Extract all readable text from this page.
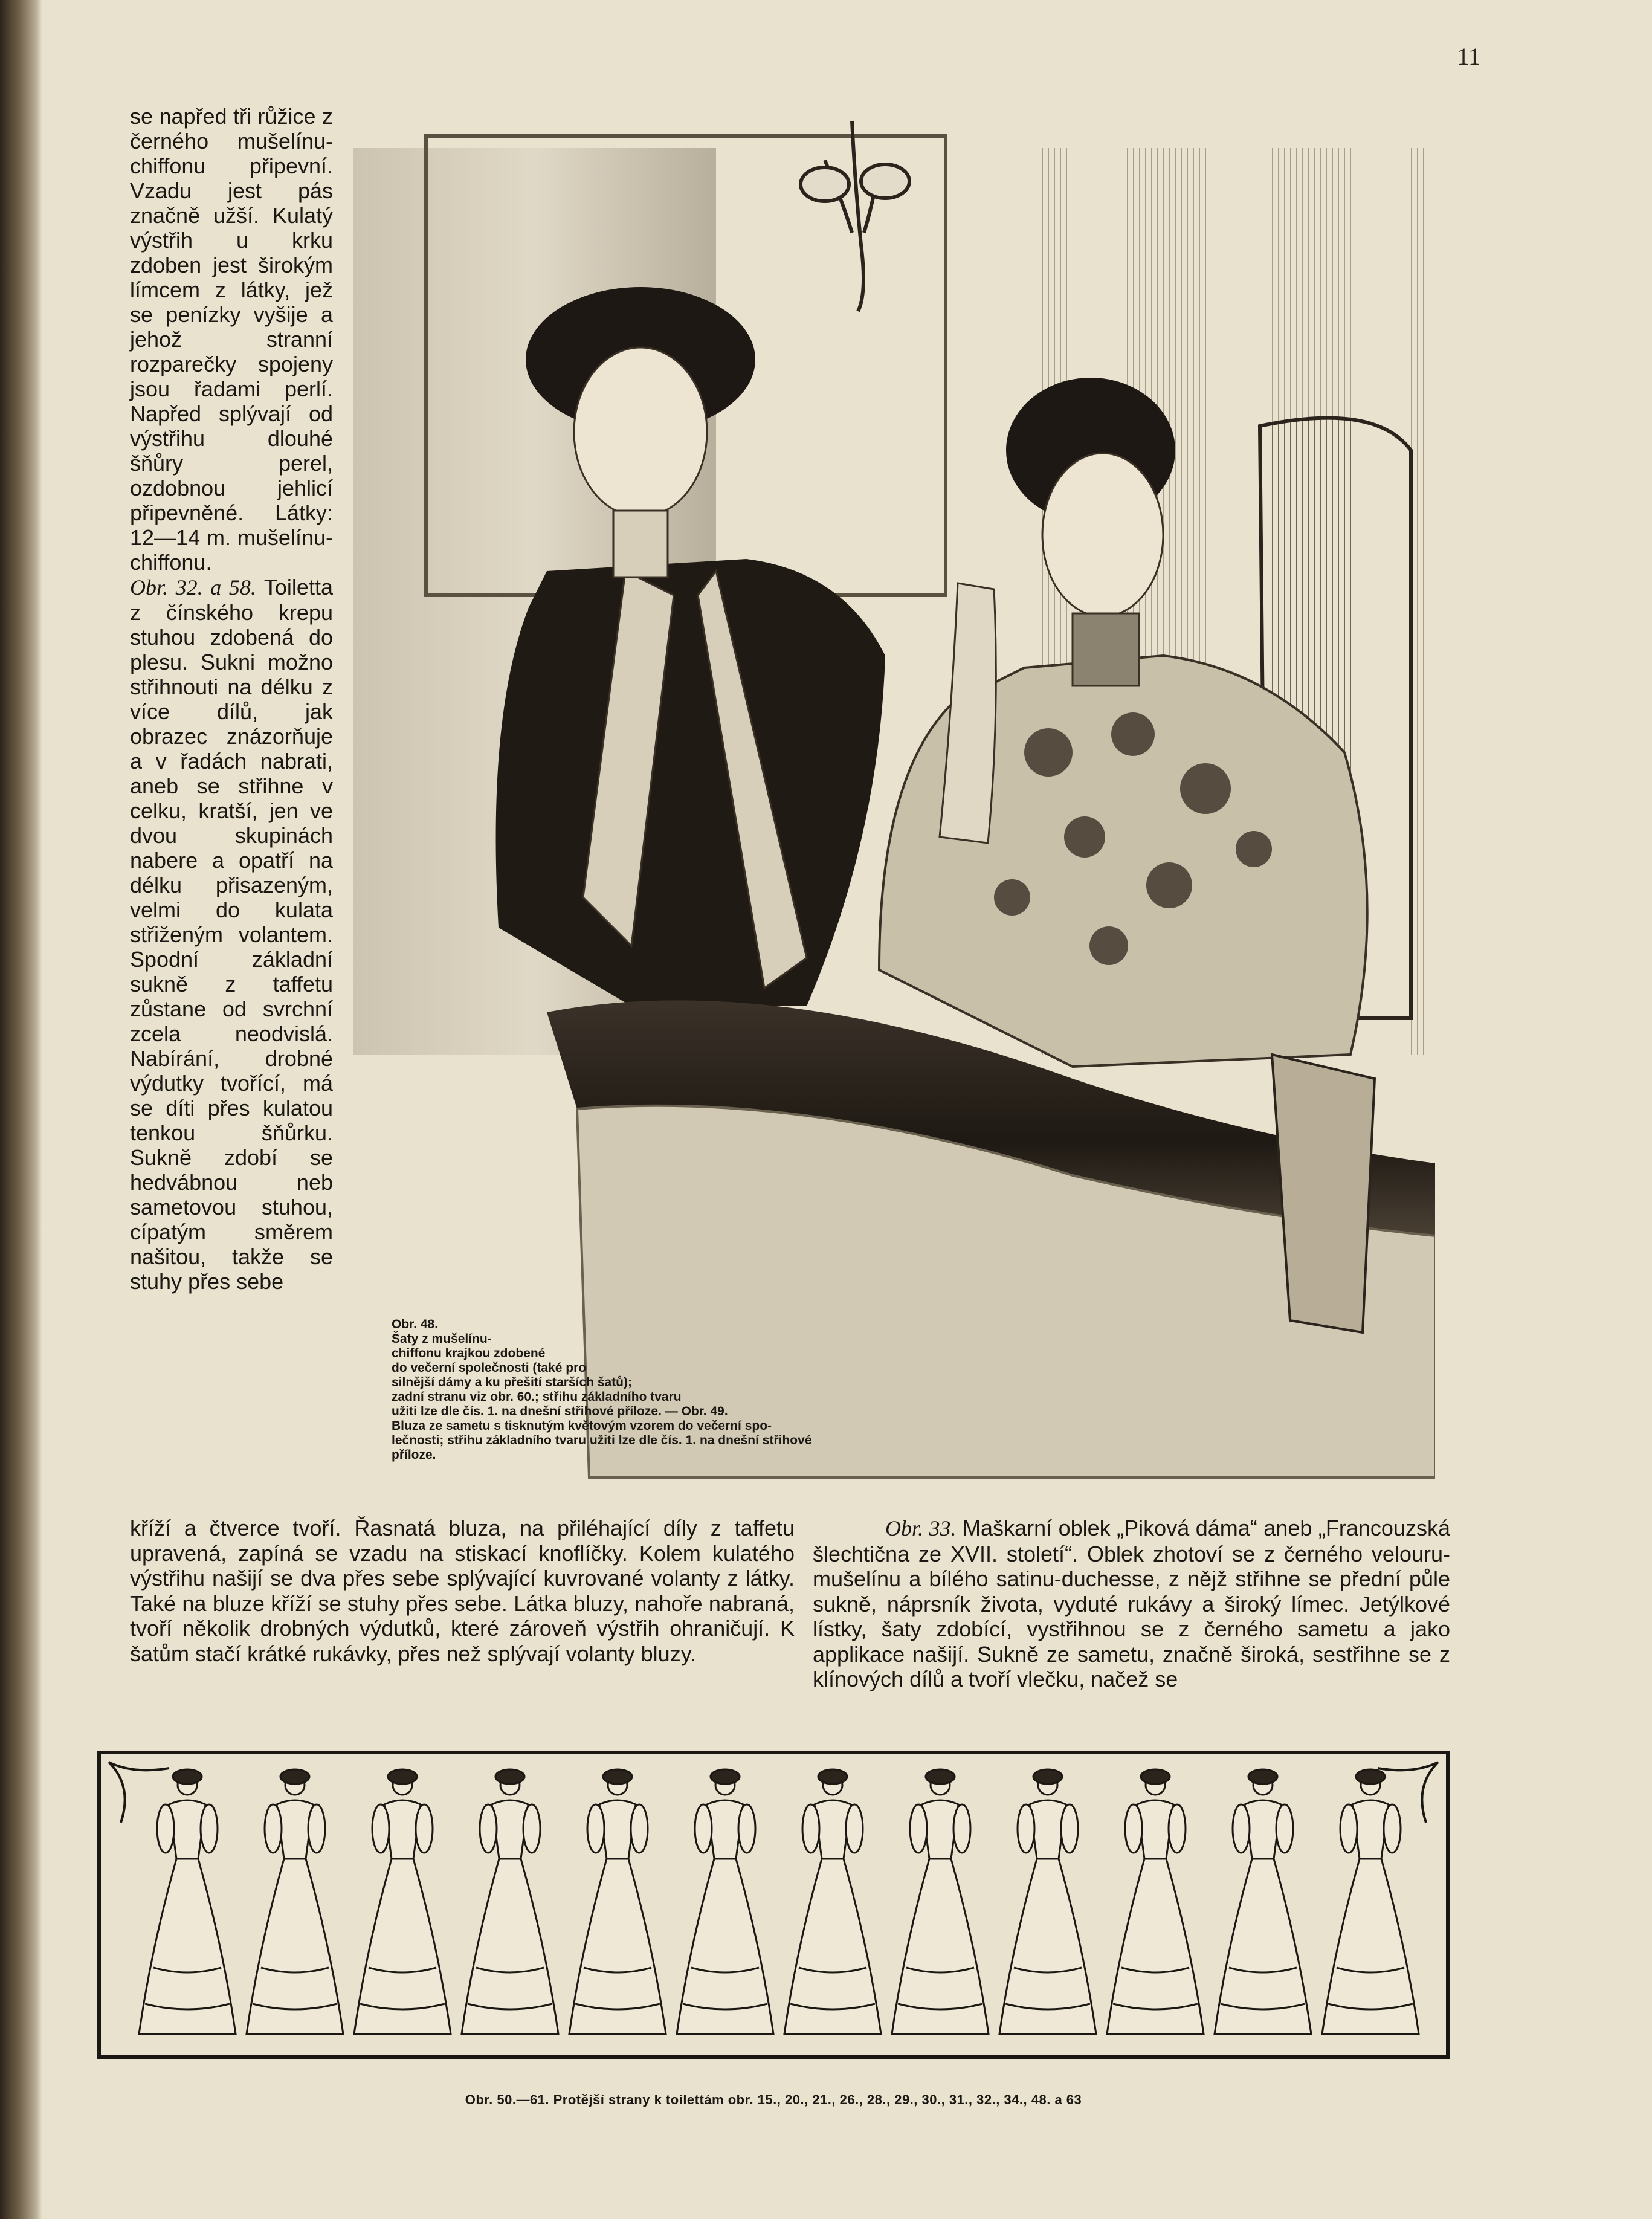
11

se napřed tři růžice z černého mušelínu-chiffonu připevní. Vzadu jest pás značně užší. Kulatý výstřih u krku zdoben jest širokým límcem z látky, jež se penízky vyšije a jehož stranní rozparečky spojeny jsou řadami perlí. Napřed splývají od výstřihu dlouhé šňůry perel, ozdobnou jehlicí připevněné. Látky: 12—14 m. mušelínu-chiffonu.

Obr. 32. a 58. Toiletta z čínského krepu stuhou zdobená do plesu. Sukni možno střihnouti na délku z více dílů, jak obrazec znázorňuje a v řadách nabrati, aneb se střihne v celku, kratší, jen ve dvou skupinách nabere a opatří na délku přisazeným, velmi do kulata střiženým volantem. Spodní základní sukně z taffetu zůstane od svrchní zcela neodvislá. Nabírání, drobné výdutky tvořící, má se díti přes kulatou tenkou šňůrku. Sukně zdobí se hedvábnou neb sametovou stuhou, cípatým směrem našitou, takže se stuhy přes sebe

Obr. 48.

Šaty z mušelínu-

chiffonu krajkou zdobené

do večerní společnosti (také pro

silnější dámy a ku přešití starších šatů);

zadní stranu viz obr. 60.; střihu základního tvaru

užiti lze dle čís. 1. na dnešní střihové příloze. — Obr. 49.

Bluza ze sametu s tisknutým květovým vzorem do večerní spo-

lečnosti; střihu základního tvaru užiti lze dle čís. 1. na dnešní střihové

příloze.

kříží a čtverce tvoří. Řasnatá bluza, na přiléhající díly z taffetu upravená, zapíná se vzadu na stiskací knoflíčky. Kolem kulatého výstřihu našijí se dva přes sebe splývající kuvrované volanty z látky. Také na bluze kříží se stuhy přes sebe. Látka bluzy, nahoře nabraná, tvoří několik drobných výdutků, které zároveň výstřih ohraničují. K šatům stačí krátké rukávky, přes než splývají volanty bluzy.

Obr. 33. Maškarní oblek „Piková dáma“ aneb „Francouzská šlechtična ze XVII. století“. Oblek zhotoví se z černého velouru-mušelínu a bílého satinu-duchesse, z nějž střihne se přední půle sukně, náprsník života, vyduté rukávy a široký límec. Jetýlkové lístky, šaty zdobící, vystřihnou se z černého sametu a jako applikace našijí. Sukně ze sametu, značně široká, sestřihne se z klínových dílů a tvoří vlečku, načež se

Obr. 50.—61. Protější strany k toilettám obr. 15., 20., 21., 26., 28., 29., 30., 31., 32., 34., 48. a 63
